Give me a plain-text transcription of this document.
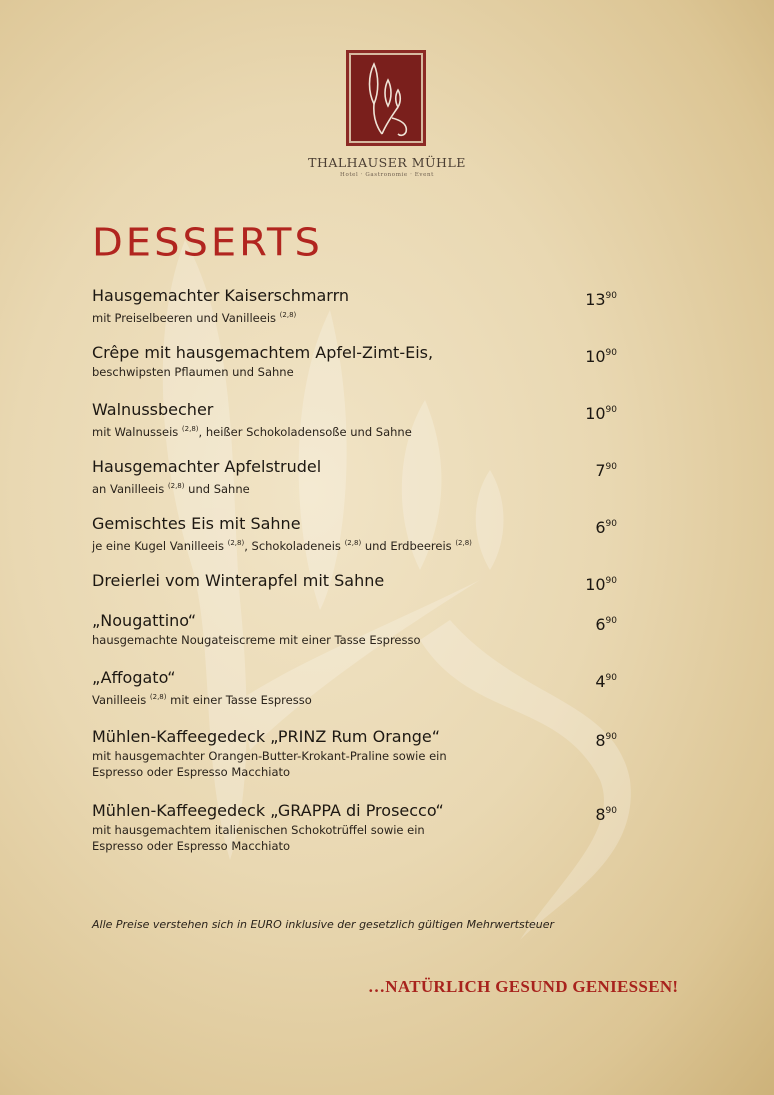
THALHAUSER MÜHLE
Hotel · Gastronomie · Event
DESSERTS
Hausgemachter Kaiserschmarrn
mit Preiselbeeren und Vanilleeis $^{(2,8)}$
$13^{90}$
Crêpe mit hausgemachtem Apfel-Zimt-Eis,
beschwipsten Pflaumen und Sahne
$10^{90}$
Walnussbecher
mit Walnusseis $^{(2,8)}$, heißer Schokoladensoße und Sahne
$10^{90}$
Hausgemachter Apfelstrudel
an Vanilleeis $^{(2,8)}$ und Sahne
$7^{90}$
Gemischtes Eis mit Sahne
je eine Kugel Vanilleeis $^{(2,8)}$, Schokoladeneis $^{(2,8)}$ und Erdbeereis $^{(2,8)}$
$6^{90}$
Dreierlei vom Winterapfel mit Sahne	$10^{90}$
„Nougattino“
hausgemachte Nougateiscreme mit einer Tasse Espresso
$6^{90}$
„Affogato“
Vanilleeis $^{(2,8)}$ mit einer Tasse Espresso
$4^{90}$
Mühlen-Kaffeegedeck „PRINZ Rum Orange“
mit hausgemachter Orangen-Butter-Krokant-Praline sowie ein
Espresso oder Espresso Macchiato
$8^{90}$
Mühlen-Kaffeegedeck „GRAPPA di Prosecco“
mit hausgemachtem italienischen Schokotrüffel sowie ein
Espresso oder Espresso Macchiato
$8^{90}$
Alle Preise verstehen sich in EURO inklusive der gesetzlich gültigen Mehrwertsteuer
…NATÜRLICH GESUND GENIESSEN!
